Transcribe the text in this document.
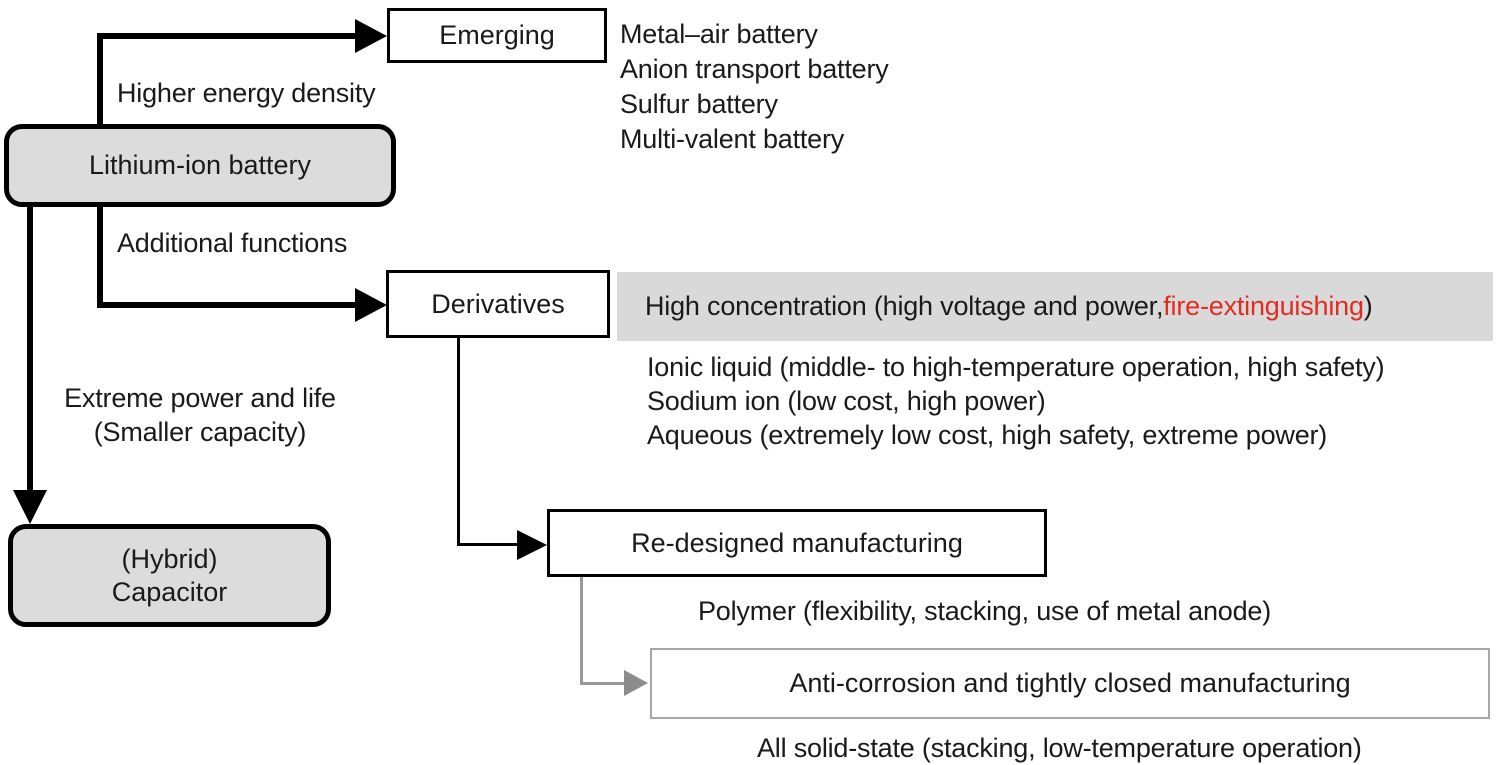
Lithium-ion battery
Emerging
Derivatives
(Hybrid)
Capacitor
Re-designed manufacturing
Anti-corrosion and tightly closed manufacturing
Higher energy density
Additional functions
Extreme power and life
(Smaller capacity)
Metal–air battery
Anion transport battery
Sulfur battery
Multi-valent battery
High concentration (high voltage and power, fire-extinguishing )
Ionic liquid (middle- to high-temperature operation, high safety)
Sodium ion (low cost, high power)
Aqueous (extremely low cost, high safety, extreme power)
Polymer (flexibility, stacking, use of metal anode)
All solid-state (stacking, low-temperature operation)
